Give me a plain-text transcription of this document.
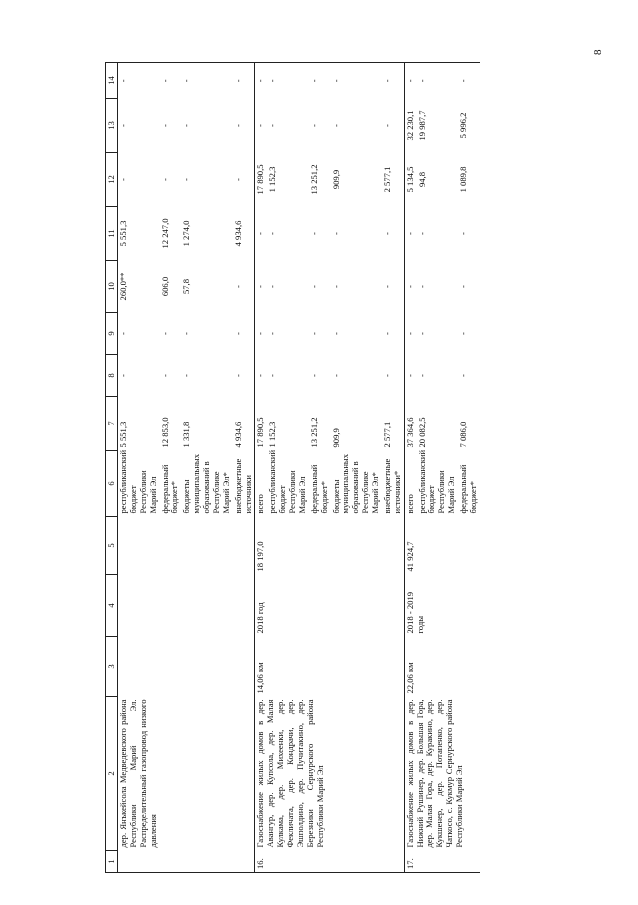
8
1	2	3	4	5	6	7	8	9	10	11	12	13	14
	дер. Янъкейсола Медведевского района Республики Марий Эл. Распределительный газопровод низкого давления				республиканский бюджет Республики Марий Эл	5 551,3	-	-	260,0**	5 551,3	-	-	-
					федеральный бюджет*	12 853,0	-	-	606,0	12 247,0	-	-	-
					бюджеты муниципальных образований в Республике Марий Эл*	1 331,8	-	-	57,8	1 274,0	-	-	-
					внебюджетные источники	4 934,6	-	-	-	4 934,6	-	-	-
16.	Газоснабжение жилых домов в дер. Авангур, дер. Купсола, дер. Малая Кулкама, дер. Михеенки, дер. Фекличата, дер. Кондрачи, дер. Эшполдино, дер. Пучитакино, дер. Березники Сернурского района Республики Марий Эл	14,06 км	2018 год	18 197,0	всего	17 890,5	-	-	-	-	17 890,5	-	-
					республиканский бюджет Республики Марий Эл	1 152,3	-	-	-	-	1 152,3	-	-
					федеральный бюджет*	13 251,2	-	-	-	-	13 251,2	-	-
					бюджеты муниципальных образований в Республике Марий Эл*	909,9	-	-	-	-	909,9	-	-
					внебюджетные источники*	2 577,1	-	-	-	-	2 577,1	-	-
17.	Газоснабжение жилых домов в дер. Нижний Рушинер, дер. Большая Гора, дер. Малая Гора, дер. Куракино, дер. Кукшенер, дер. Потапенко, дер. Чаткосо, с. Кукмур Сернурского района Республики Марий Эл	22,06 км	2018 - 2019 годы	41 924,7	всего	37 364,6	-	-	-	-	5 134,5	32 230,1	-
					республиканский бюджет Республики Марий Эл	20 082,5	-	-	-	-	94,8	19 987,7	-
					федеральный бюджет*	7 086,0	-	-	-	-	1 089,8	5 996,2	-
